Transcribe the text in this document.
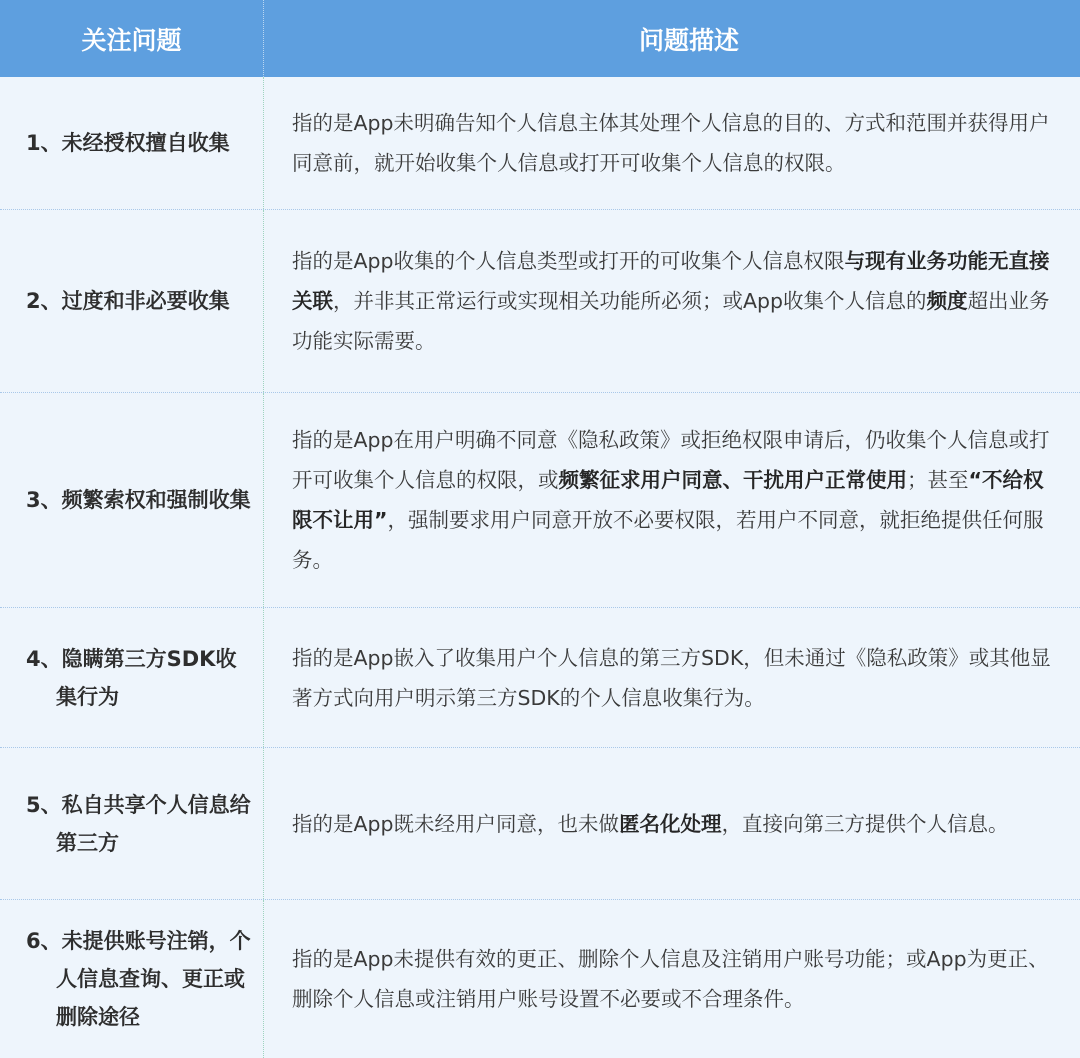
关注问题	问题描述
1、未经授权擅自收集
指的是App未明确告知个人信息主体其处理个人信息的目的、方式和范围并获得用户同意前，就开始收集个人信息或打开可收集个人信息的权限。
2、过度和非必要收集
指的是App收集的个人信息类型或打开的可收集个人信息权限与现有业务功能无直接关联，并非其正常运行或实现相关功能所必须；或App收集个人信息的频度超出业务功能实际需要。
3、频繁索权和强制收集
指的是App在用户明确不同意《隐私政策》或拒绝权限申请后，仍收集个人信息或打开可收集个人信息的权限，或频繁征求用户同意、干扰用户正常使用；甚至“不给权限不让用”，强制要求用户同意开放不必要权限，若用户不同意，就拒绝提供任何服务。
4、隐瞒第三方SDK收集行为
指的是App嵌入了收集用户个人信息的第三方SDK，但未通过《隐私政策》或其他显著方式向用户明示第三方SDK的个人信息收集行为。
5、私自共享个人信息给第三方
指的是App既未经用户同意，也未做匿名化处理，直接向第三方提供个人信息。
6、未提供账号注销，个人信息查询、更正或删除途径
指的是App未提供有效的更正、删除个人信息及注销用户账号功能；或App为更正、删除个人信息或注销用户账号设置不必要或不合理条件。
